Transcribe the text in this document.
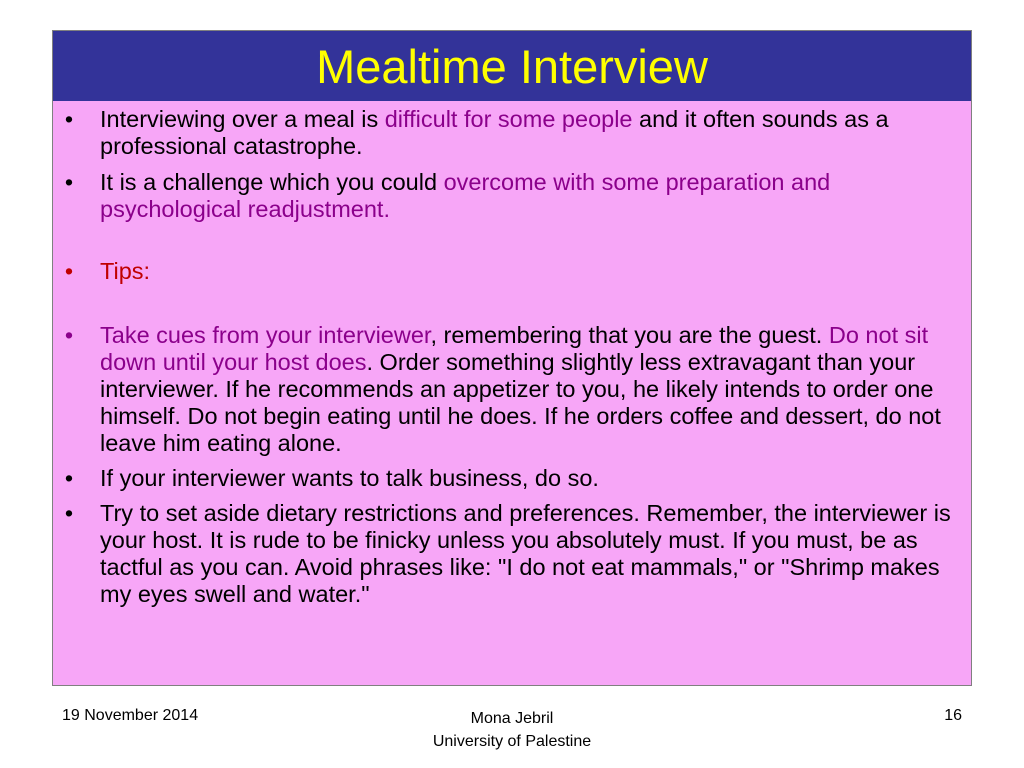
Mealtime Interview
• Interviewing over a meal is difficult for some people and it often sounds as a professional catastrophe.
• It is a challenge which you could overcome with some preparation and psychological readjustment.
• Tips:
• Take cues from your interviewer, remembering that you are the guest. Do not sit down until your host does. Order something slightly less extravagant than your interviewer. If he recommends an appetizer to you, he likely intends to order one himself. Do not begin eating until he does. If he orders coffee and dessert, do not leave him eating alone.
• If your interviewer wants to talk business, do so.
• Try to set aside dietary restrictions and preferences. Remember, the interviewer is your host. It is rude to be finicky unless you absolutely must. If you must, be as tactful as you can. Avoid phrases like: "I do not eat mammals," or "Shrimp makes my eyes swell and water."
19 November 2014	Mona Jebril
University of Palestine
16
